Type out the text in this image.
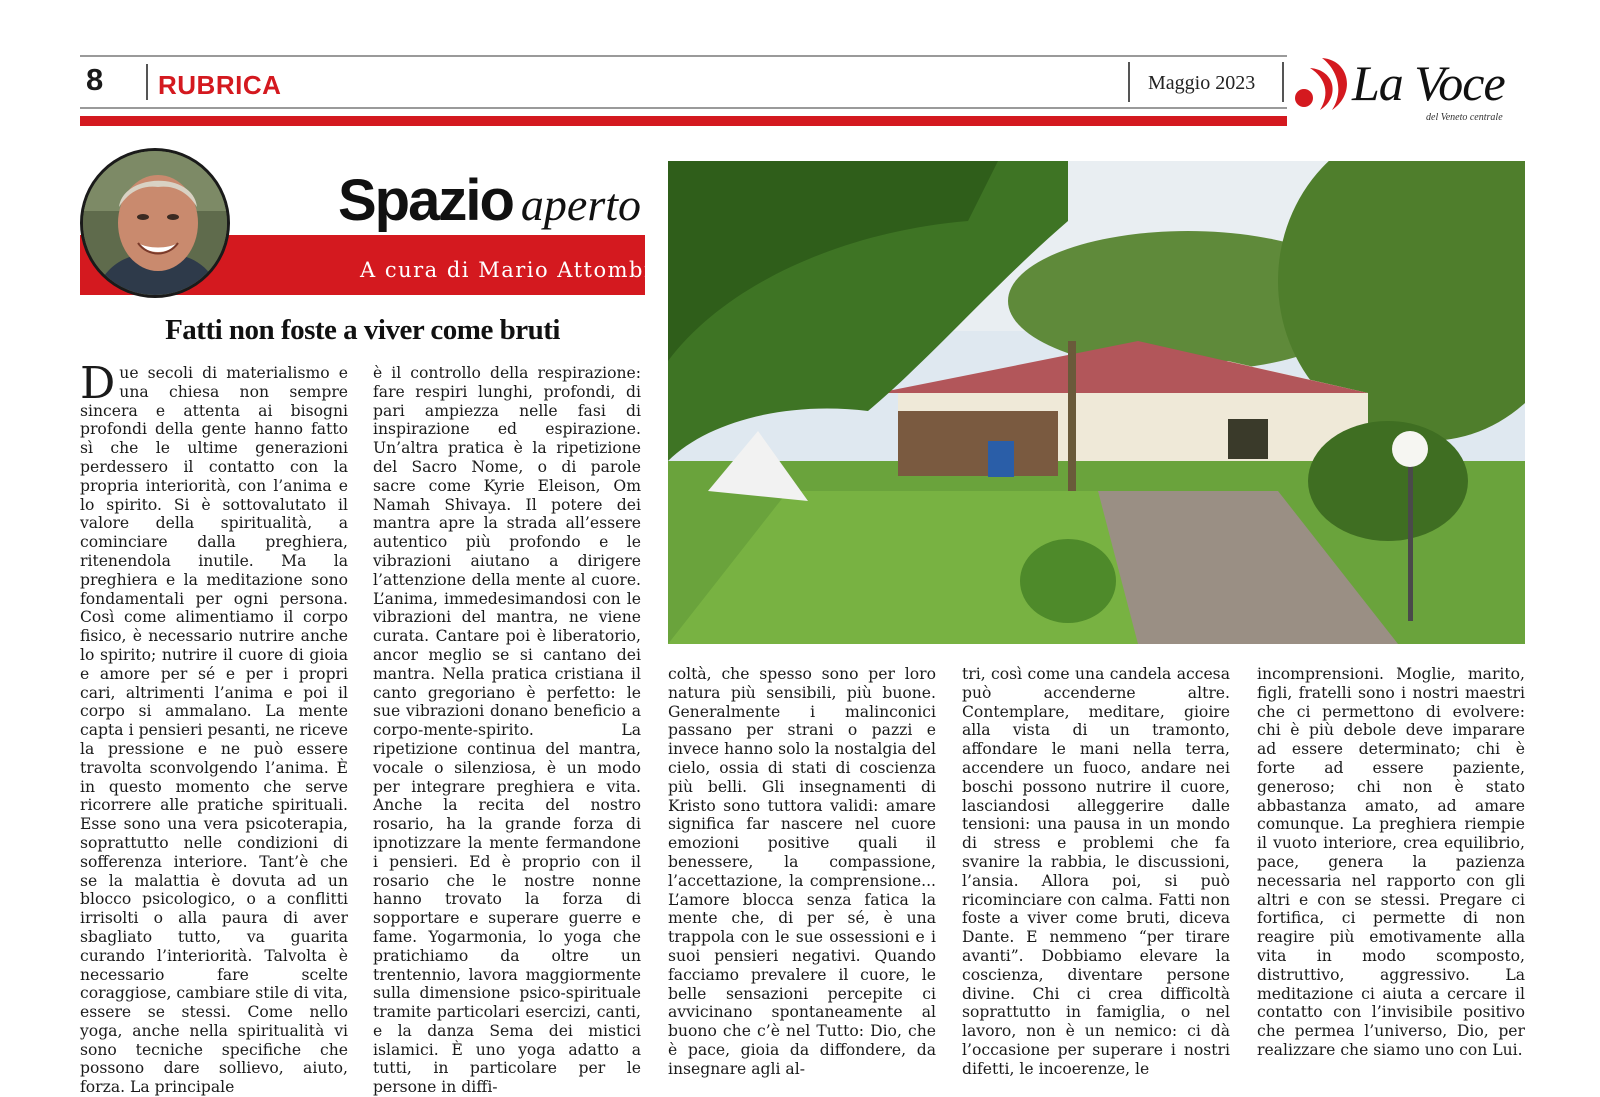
8 RUBRICA	Maggio 2023 La Voce
del Veneto centrale
Spazio aperto
A cura di Mario Attombri
Fatti non foste a viver come bruti
Due secoli di materialismo e una chiesa non sempre sincera e attenta ai bisogni profondi della gente hanno fatto sì che le ultime generazioni perdessero il contatto con la propria interiorità, con l’anima e lo spirito. Si è sottovalutato il valore della spiritualità, a cominciare dalla preghiera, ritenendola inutile. Ma la preghiera e la meditazione sono fondamentali per ogni persona. Così come alimentiamo il corpo fisico, è necessario nutrire anche lo spirito; nutrire il cuore di gioia e amore per sé e per i propri cari, altrimenti l’anima e poi il corpo si ammalano. La mente capta i pensieri pesanti, ne riceve la pressione e ne può essere travolta sconvolgendo l’anima. È in questo momento che serve ricorrere alle pratiche spirituali. Esse sono una vera psicoterapia, soprattutto nelle condizioni di sofferenza interiore. Tant’è che se la malattia è dovuta ad un blocco psicologico, o a conflitti irrisolti o alla paura di aver sbagliato tutto, va guarita curando l’interiorità. Talvolta è necessario fare scelte coraggiose, cambiare stile di vita, essere se stessi. Come nello yoga, anche nella spiritualità vi sono tecniche specifiche che possono dare sollievo, aiuto, forza. La principale
è il controllo della respirazione: fare respiri lunghi, profondi, di pari ampiezza nelle fasi di inspirazione ed espirazione. Un’altra pratica è la ripetizione del Sacro Nome, o di parole sacre come Kyrie Eleison, Om Namah Shivaya. Il potere dei mantra apre la strada all’essere autentico più profondo e le vibrazioni aiutano a dirigere l’attenzione della mente al cuore. L’anima, immedesimandosi con le vibrazioni del mantra, ne viene curata. Cantare poi è liberatorio, ancor meglio se si cantano dei mantra. Nella pratica cristiana il canto gregoriano è perfetto: le sue vibrazioni donano beneficio a corpo-mente-spirito. La ripetizione continua del mantra, vocale o silenziosa, è un modo per integrare preghiera e vita. Anche la recita del nostro rosario, ha la grande forza di ipnotizzare la mente fermandone i pensieri. Ed è proprio con il rosario che le nostre nonne hanno trovato la forza di sopportare e superare guerre e fame. Yogarmonia, lo yoga che pratichiamo da oltre un trentennio, lavora maggiormente sulla dimensione psico-spirituale tramite particolari esercizi, canti, e la danza Sema dei mistici islamici. È uno yoga adatto a tutti, in particolare per le persone in diffi-
coltà, che spesso sono per loro natura più sensibili, più buone. Generalmente i malinconici passano per strani o pazzi e invece hanno solo la nostalgia del cielo, ossia di stati di coscienza più belli. Gli insegnamenti di Kristo sono tuttora validi: amare significa far nascere nel cuore emozioni positive quali il benessere, la compassione, l’accettazione, la comprensione... L’amore blocca senza fatica la mente che, di per sé, è una trappola con le sue ossessioni e i suoi pensieri negativi. Quando facciamo prevalere il cuore, le belle sensazioni percepite ci avvicinano spontaneamente al buono che c’è nel Tutto: Dio, che è pace, gioia da diffondere, da insegnare agli al-
tri, così come una candela accesa può accenderne altre. Contemplare, meditare, gioire alla vista di un tramonto, affondare le mani nella terra, accendere un fuoco, andare nei boschi possono nutrire il cuore, lasciandosi alleggerire dalle tensioni: una pausa in un mondo di stress e problemi che fa svanire la rabbia, le discussioni, l’ansia. Allora poi, si può ricominciare con calma. Fatti non foste a viver come bruti, diceva Dante. E nemmeno “per tirare avanti”. Dobbiamo elevare la coscienza, diventare persone divine. Chi ci crea difficoltà soprattutto in famiglia, o nel lavoro, non è un nemico: ci dà l’occasione per superare i nostri difetti, le incoerenze, le
incomprensioni. Moglie, marito, figli, fratelli sono i nostri maestri che ci permettono di evolvere: chi è più debole deve imparare ad essere determinato; chi è forte ad essere paziente, generoso; chi non è stato abbastanza amato, ad amare comunque. La preghiera riempie il vuoto interiore, crea equilibrio, pace, genera la pazienza necessaria nel rapporto con gli altri e con se stessi. Pregare ci fortifica, ci permette di non reagire più emotivamente alla vita in modo scomposto, distruttivo, aggressivo. La meditazione ci aiuta a cercare il contatto con l’invisibile positivo che permea l’universo, Dio, per realizzare che siamo uno con Lui.
